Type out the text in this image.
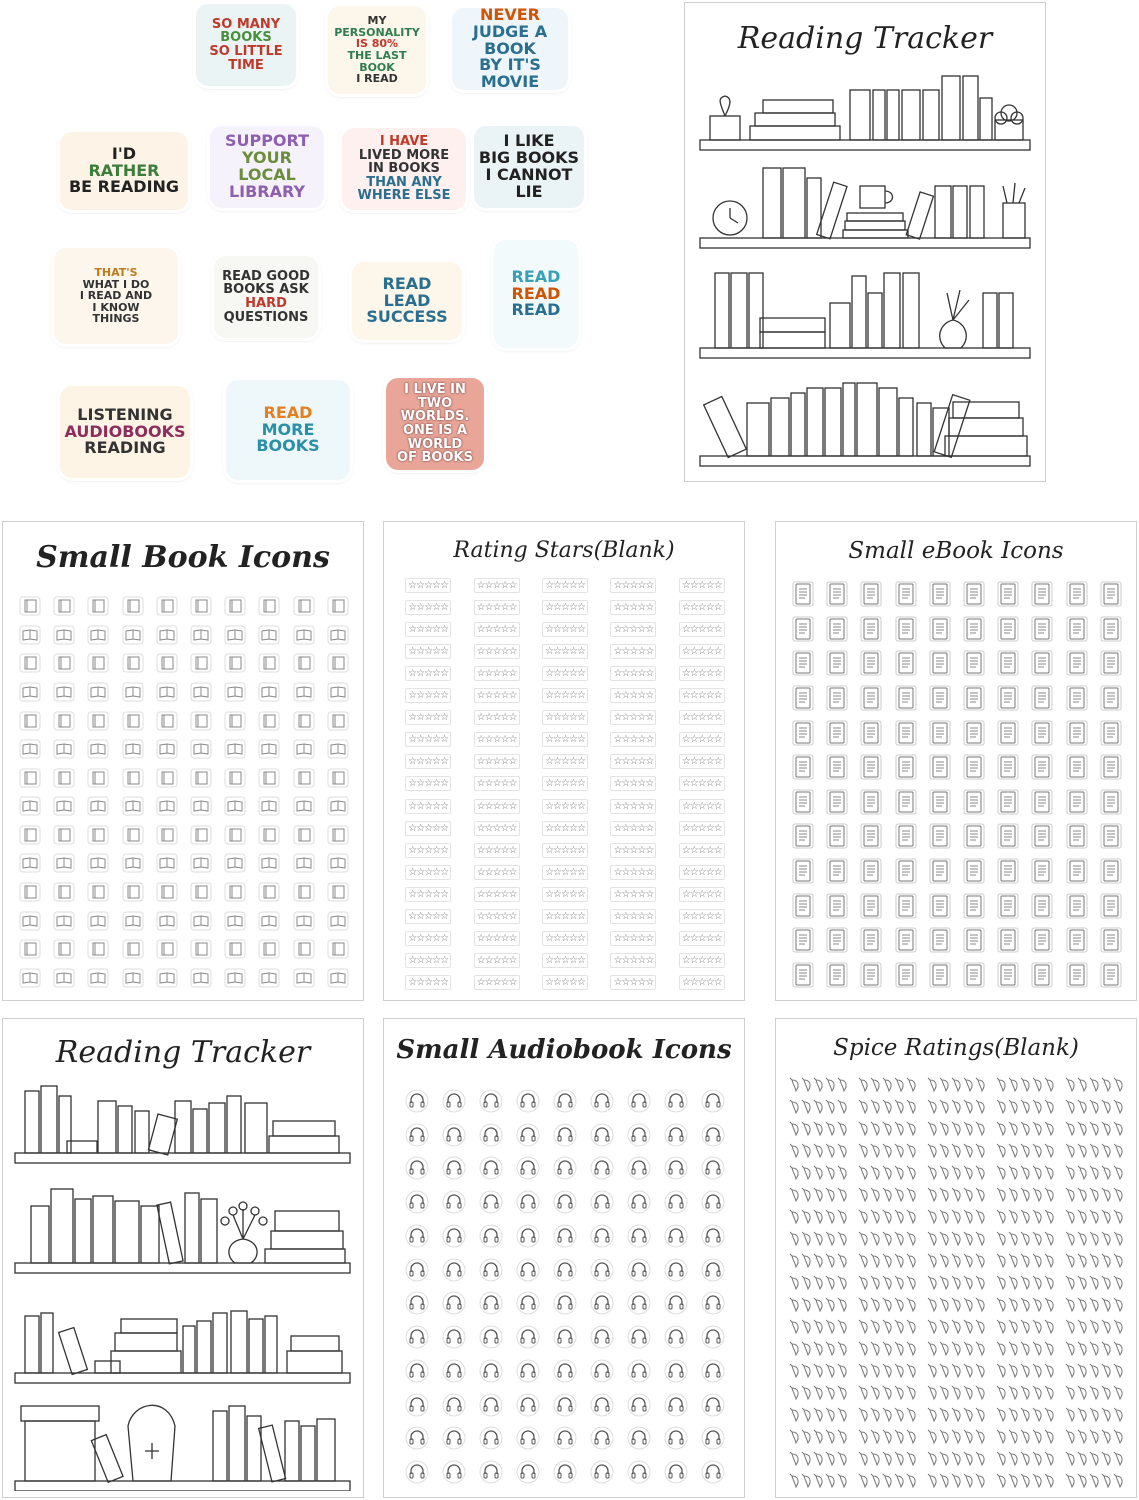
SO MANY
BOOKS
SO LITTLE
TIME
MY
PERSONALITY
IS 80%
THE LAST BOOK
I READ
NEVER
JUDGE A BOOK
BY IT'S MOVIE
I'D
RATHER
BE READING
SUPPORT
YOUR LOCAL
LIBRARY
I HAVE
LIVED MORE
IN BOOKS
THAN ANY WHERE ELSE
I LIKE
BIG BOOKS
I CANNOT LIE
THAT'S
WHAT I DO
I READ AND
I KNOW
THINGS
READ GOOD
BOOKS ASK
HARD
QUESTIONS
READ
LEAD
SUCCESS
READ
READ
READ
LISTENING
AUDIOBOOKS
READING
READ
MORE BOOKS
I LIVE IN
TWO WORLDS.
ONE IS A WORLD
OF BOOKS
Reading Tracker
Small Book Icons	Rating Stars(Blank)
☆☆☆☆☆	☆☆☆☆☆	☆☆☆☆☆	☆☆☆☆☆	☆☆☆☆☆
☆☆☆☆☆	☆☆☆☆☆	☆☆☆☆☆	☆☆☆☆☆	☆☆☆☆☆
☆☆☆☆☆	☆☆☆☆☆	☆☆☆☆☆	☆☆☆☆☆	☆☆☆☆☆
☆☆☆☆☆	☆☆☆☆☆	☆☆☆☆☆	☆☆☆☆☆	☆☆☆☆☆
☆☆☆☆☆	☆☆☆☆☆	☆☆☆☆☆	☆☆☆☆☆	☆☆☆☆☆
☆☆☆☆☆	☆☆☆☆☆	☆☆☆☆☆	☆☆☆☆☆	☆☆☆☆☆
☆☆☆☆☆	☆☆☆☆☆	☆☆☆☆☆	☆☆☆☆☆	☆☆☆☆☆
☆☆☆☆☆	☆☆☆☆☆	☆☆☆☆☆	☆☆☆☆☆	☆☆☆☆☆
☆☆☆☆☆	☆☆☆☆☆	☆☆☆☆☆	☆☆☆☆☆	☆☆☆☆☆
☆☆☆☆☆	☆☆☆☆☆	☆☆☆☆☆	☆☆☆☆☆	☆☆☆☆☆
☆☆☆☆☆	☆☆☆☆☆	☆☆☆☆☆	☆☆☆☆☆	☆☆☆☆☆
☆☆☆☆☆	☆☆☆☆☆	☆☆☆☆☆	☆☆☆☆☆	☆☆☆☆☆
☆☆☆☆☆	☆☆☆☆☆	☆☆☆☆☆	☆☆☆☆☆	☆☆☆☆☆
☆☆☆☆☆	☆☆☆☆☆	☆☆☆☆☆	☆☆☆☆☆	☆☆☆☆☆
☆☆☆☆☆	☆☆☆☆☆	☆☆☆☆☆	☆☆☆☆☆	☆☆☆☆☆
☆☆☆☆☆	☆☆☆☆☆	☆☆☆☆☆	☆☆☆☆☆	☆☆☆☆☆
☆☆☆☆☆	☆☆☆☆☆	☆☆☆☆☆	☆☆☆☆☆	☆☆☆☆☆
☆☆☆☆☆	☆☆☆☆☆	☆☆☆☆☆	☆☆☆☆☆	☆☆☆☆☆
☆☆☆☆☆	☆☆☆☆☆	☆☆☆☆☆	☆☆☆☆☆	☆☆☆☆☆
Small eBook Icons
Reading Tracker	Small Audiobook Icons	Spice Ratings(Blank)
